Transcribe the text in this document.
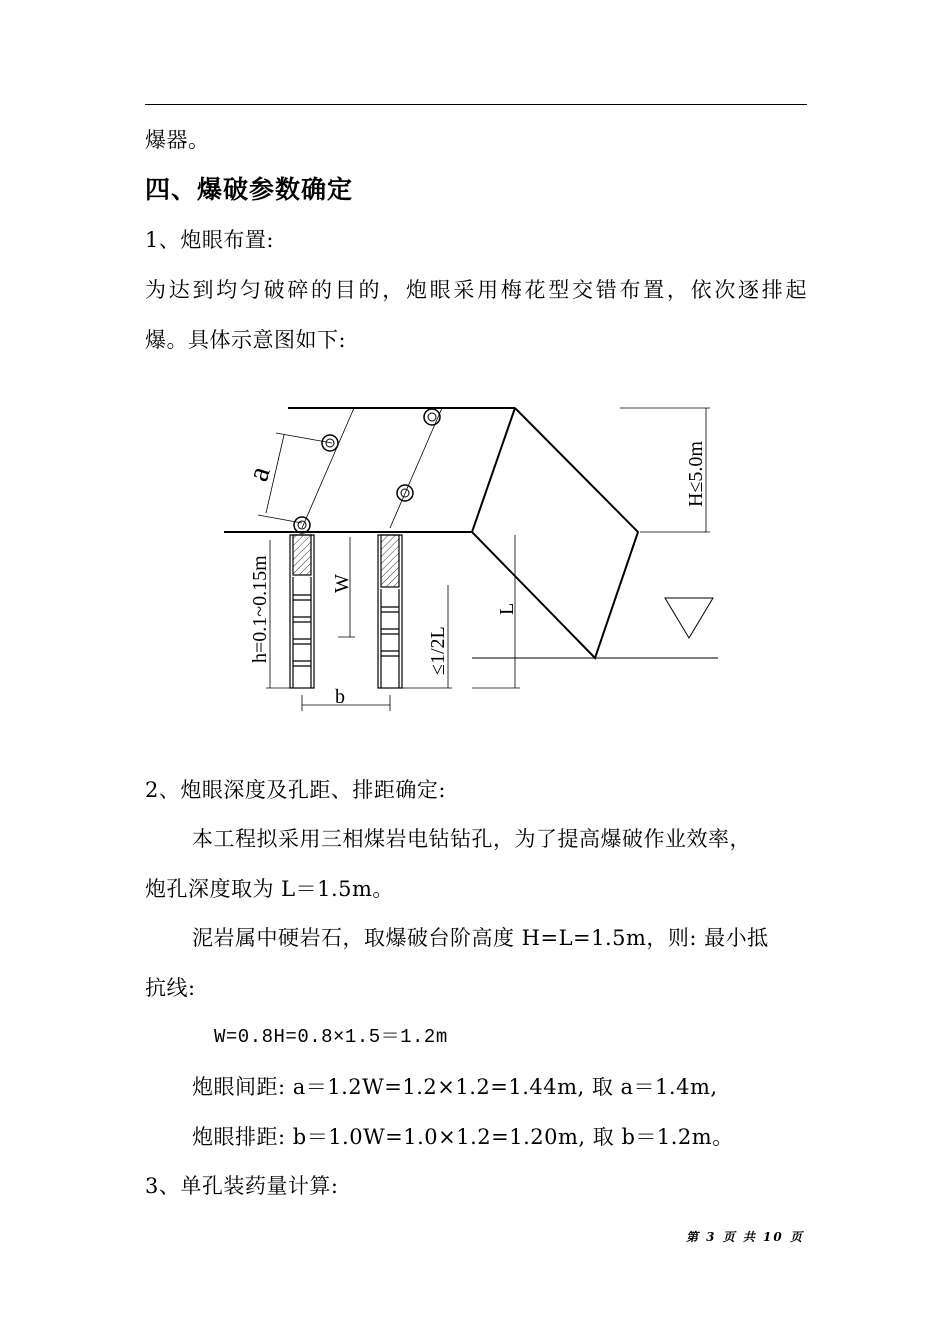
爆器。
四、爆破参数确定
1、炮眼布置:
为达到均匀破碎的目的，炮眼采用梅花型交错布置，依次逐排起
爆。具体示意图如下:
a
h=0.1~0.15m	W
≤1/2L
L
b
H≤5.0m
2、炮眼深度及孔距、排距确定:
本工程拟采用三相煤岩电钻钻孔，为了提高爆破作业效率，
炮孔深度取为 L＝1.5m。
泥岩属中硬岩石，取爆破台阶高度 H=L=1.5m，则: 最小抵
抗线:
W=0.8H=0.8×1.5＝1.2m
炮眼间距: a＝1.2W=1.2×1.2=1.44m, 取 a＝1.4m,
炮眼排距: b＝1.0W=1.0×1.2=1.20m, 取 b＝1.2m。
3、单孔装药量计算:
第 3 页 共 10 页
